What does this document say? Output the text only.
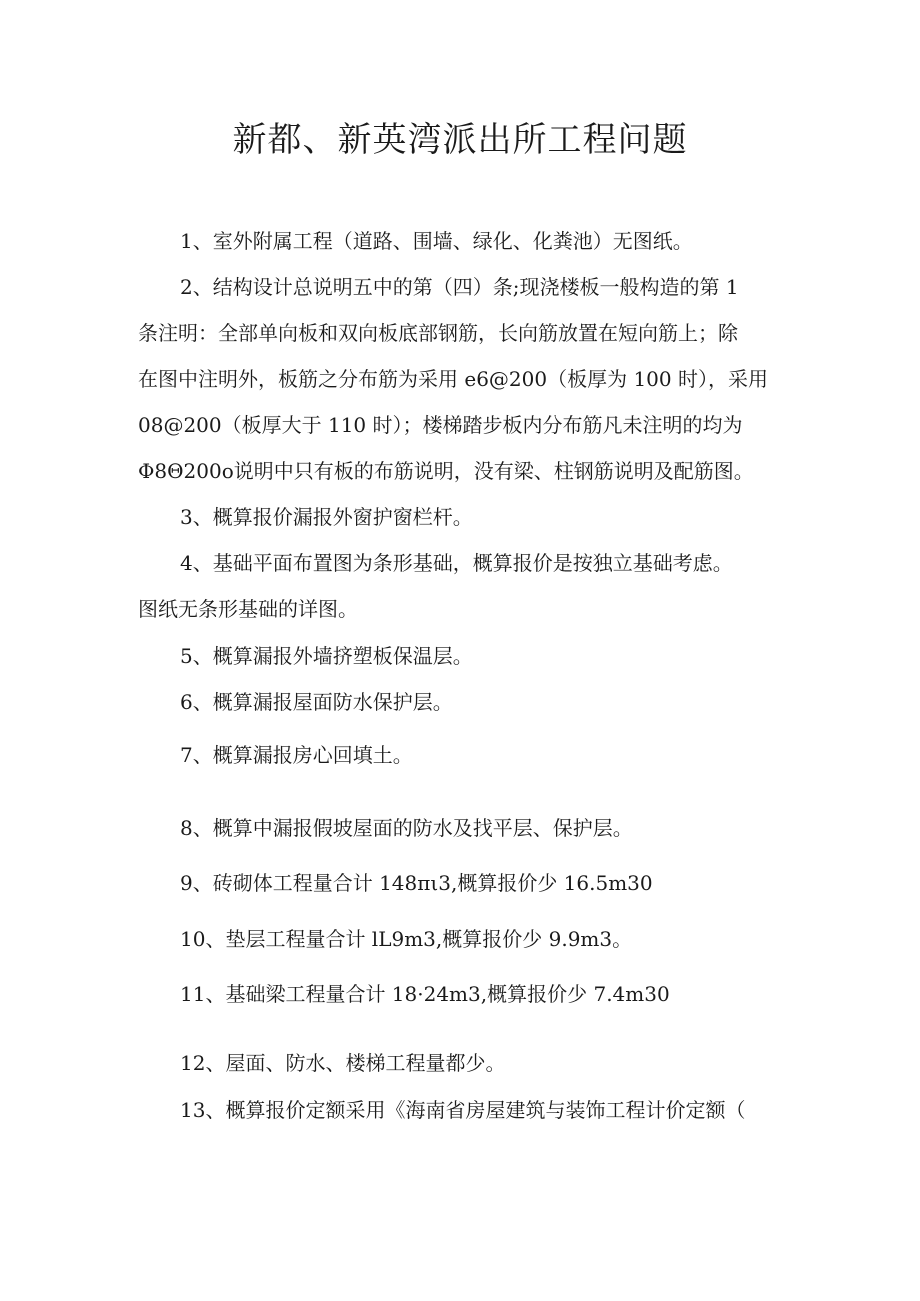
新都、新英湾派出所工程问题

1、室外附属工程（道路、围墙、绿化、化粪池）无图纸。

2、结构设计总说明五中的第（四）条;现浇楼板一般构造的第 1
条注明：全部单向板和双向板底部钢筋，长向筋放置在短向筋上；除
在图中注明外，板筋之分布筋为采用 e6@200（板厚为 100 时），采用
08@200（板厚大于 110 时）；楼梯踏步板内分布筋凡未注明的均为
Φ8Θ200o说明中只有板的布筋说明，没有梁、柱钢筋说明及配筋图。

3、概算报价漏报外窗护窗栏杆。

4、基础平面布置图为条形基础，概算报价是按独立基础考虑。
图纸无条形基础的详图。

5、概算漏报外墙挤塑板保温层。

6、概算漏报屋面防水保护层。

7、概算漏报房心回填土。

8、概算中漏报假坡屋面的防水及找平层、保护层。

9、砖砌体工程量合计 148πι3,概算报价少 16.5m30

10、垫层工程量合计 lL9m3,概算报价少 9.9m3。

11、基础梁工程量合计 18·24m3,概算报价少 7.4m30

12、屋面、防水、楼梯工程量都少。

13、概算报价定额采用《海南省房屋建筑与装饰工程计价定额（
